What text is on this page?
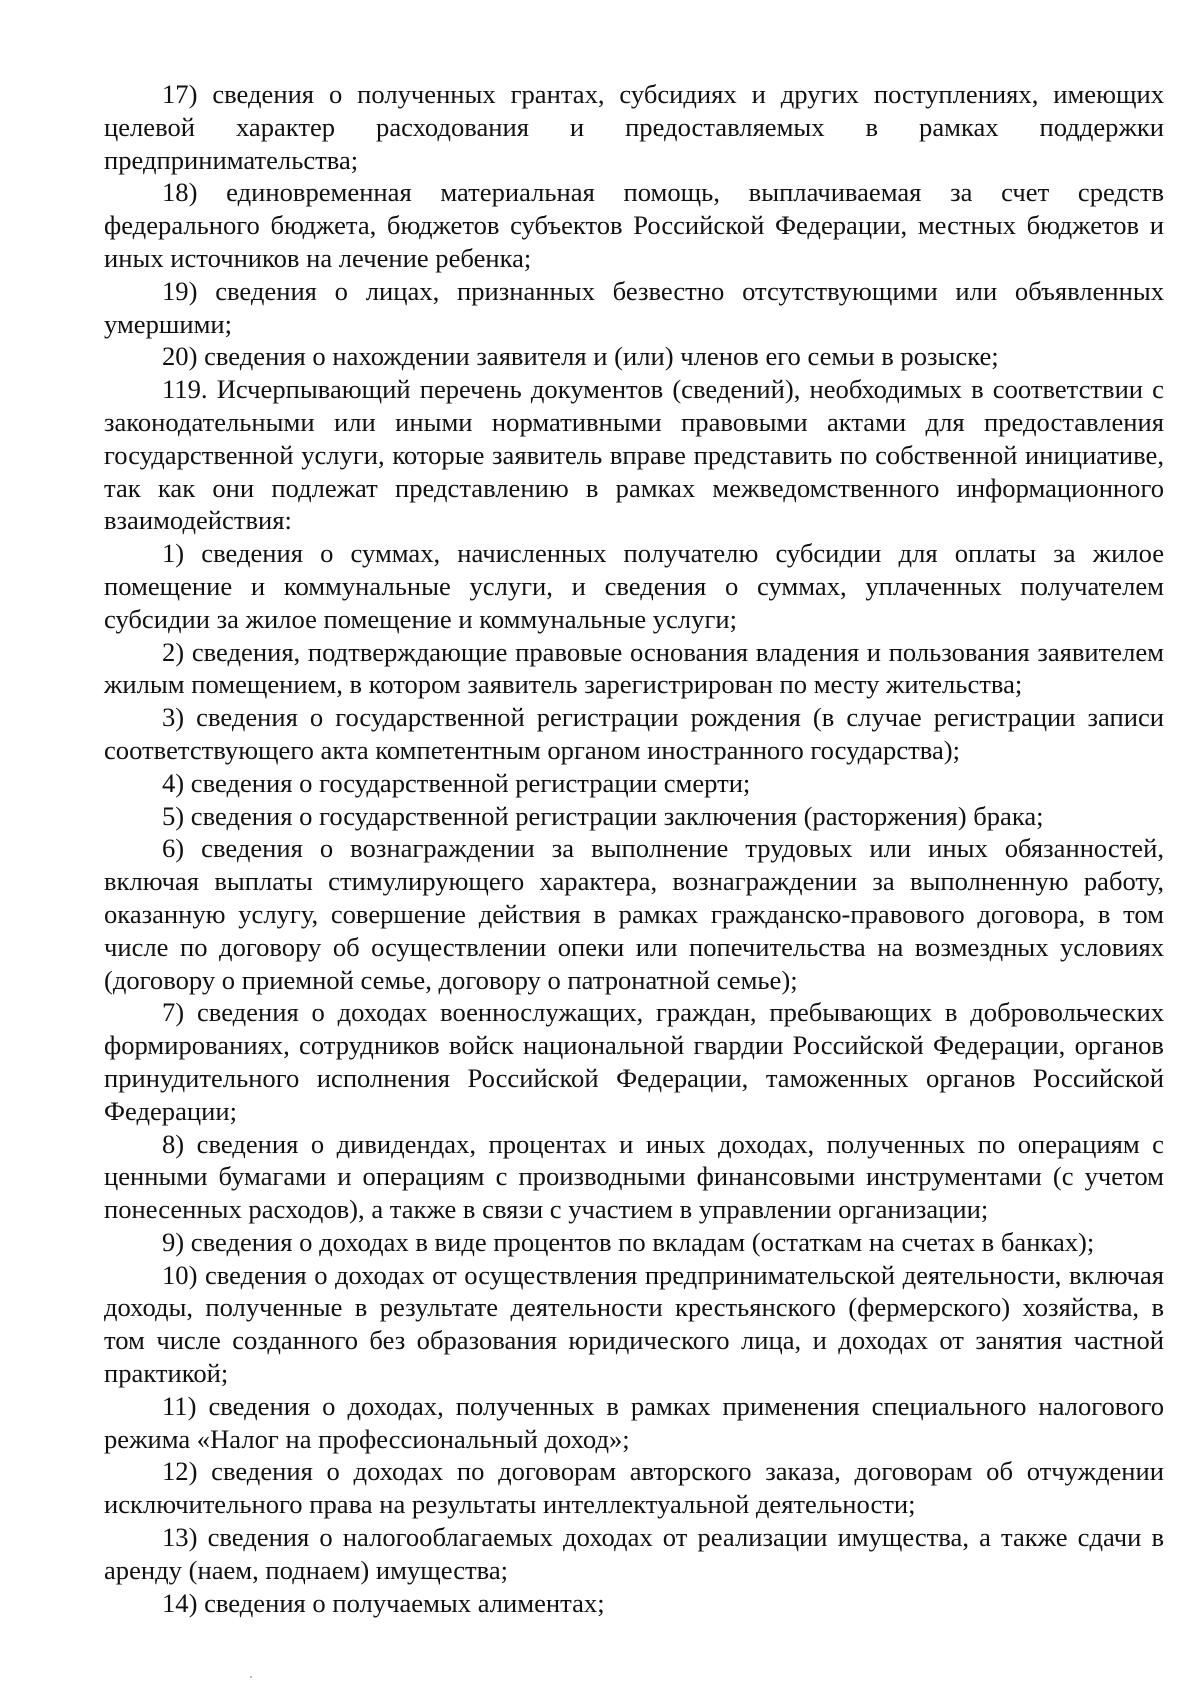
17) сведения о полученных грантах, субсидиях и других поступлениях, имеющих целевой характер расходования и предоставляемых в рамках поддержки предпринимательства;

18) единовременная материальная помощь, выплачиваемая за счет средств федерального бюджета, бюджетов субъектов Российской Федерации, местных бюджетов и иных источников на лечение ребенка;

19) сведения о лицах, признанных безвестно отсутствующими или объявленных умершими;

20) сведения о нахождении заявителя и (или) членов его семьи в розыске;

119. Исчерпывающий перечень документов (сведений), необходимых в соответствии с законодательными или иными нормативными правовыми актами для предоставления государственной услуги, которые заявитель вправе представить по собственной инициативе, так как они подлежат представлению в рамках межведомственного информационного взаимодействия:

1) сведения о суммах, начисленных получателю субсидии для оплаты за жилое помещение и коммунальные услуги, и сведения о суммах, уплаченных получателем субсидии за жилое помещение и коммунальные услуги;

2) сведения, подтверждающие правовые основания владения и пользования заявителем жилым помещением, в котором заявитель зарегистрирован по месту жительства;

3) сведения о государственной регистрации рождения (в случае регистрации записи соответствующего акта компетентным органом иностранного государства);

4) сведения о государственной регистрации смерти;

5) сведения о государственной регистрации заключения (расторжения) брака;

6) сведения о вознаграждении за выполнение трудовых или иных обязанностей, включая выплаты стимулирующего характера, вознаграждении за выполненную работу, оказанную услугу, совершение действия в рамках гражданско-правового договора, в том числе по договору об осуществлении опеки или попечительства на возмездных условиях (договору о приемной семье, договору о патронатной семье);

7) сведения о доходах военнослужащих, граждан, пребывающих в добровольческих формированиях, сотрудников войск национальной гвардии Российской Федерации, органов принудительного исполнения Российской Федерации, таможенных органов Российской Федерации;

8) сведения о дивидендах, процентах и иных доходах, полученных по операциям с ценными бумагами и операциям с производными финансовыми инструментами (с учетом понесенных расходов), а также в связи с участием в управлении организации;

9) сведения о доходах в виде процентов по вкладам (остаткам на счетах в банках);

10) сведения о доходах от осуществления предпринимательской деятельности, включая доходы, полученные в результате деятельности крестьянского (фермерского) хозяйства, в том числе созданного без образования юридического лица, и доходах от занятия частной практикой;

11) сведения о доходах, полученных в рамках применения специального налогового режима «Налог на профессиональный доход»;

12) сведения о доходах по договорам авторского заказа, договорам об отчуждении исключительного права на результаты интеллектуальной деятельности;

13) сведения о налогооблагаемых доходах от реализации имущества, а также сдачи в аренду (наем, поднаем) имущества;

14) сведения о получаемых алиментах;
